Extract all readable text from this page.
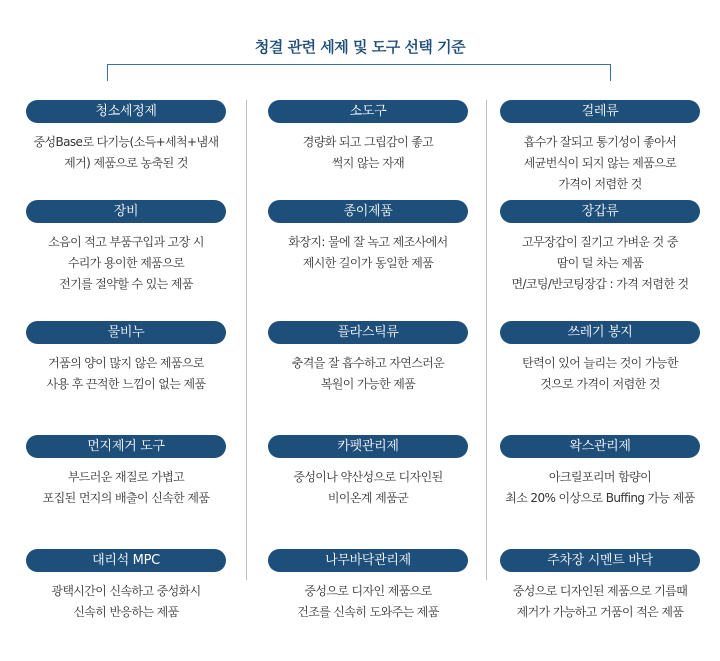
청결 관련 세제 및 도구 선택 기준
청소세정제
중성Base로 다기능(소득+세척+냄새
제거) 제품으로 농축된 것
장비
소음이 적고 부품구입과 고장 시
수리가 용이한 제품으로
전기를 절약할 수 있는 제품
물비누
거품의 양이 많지 않은 제품으로
사용 후 끈적한 느낌이 없는 제품
먼지제거 도구
부드러운 재질로 가볍고
포집된 먼지의 배출이 신속한 제품
대리석 MPC
광택시간이 신속하고 중성화시
신속히 반응하는 제품
소도구
경량화 되고 그립감이 좋고
썩지 않는 자재
종이제품
화장지: 물에 잘 녹고 제조사에서
제시한 길이가 동일한 제품
플라스틱류
충격을 잘 흡수하고 자연스러운
복원이 가능한 제품
카펫관리제
중성이나 약산성으로 디자인된
비이온계 제품군
나무바닥관리제
중성으로 디자인 제품으로
건조를 신속히 도와주는 제품
걸레류
흡수가 잘되고 통기성이 좋아서
세균번식이 되지 않는 제품으로
가격이 저렴한 것
장갑류
고무장갑이 질기고 가벼운 것 중
땀이 덜 차는 제품
면/코팅/반코팅장갑 : 가격 저렴한 것
쓰레기 봉지
탄력이 있어 늘리는 것이 가능한
것으로 가격이 저렴한 것
왁스관리제
아크릴포리머 함량이
최소 20% 이상으로 Buffing 가능 제품
주차장 시멘트 바닥
중성으로 디자인된 제품으로 기름때
제거가 가능하고 거품이 적은 제품
